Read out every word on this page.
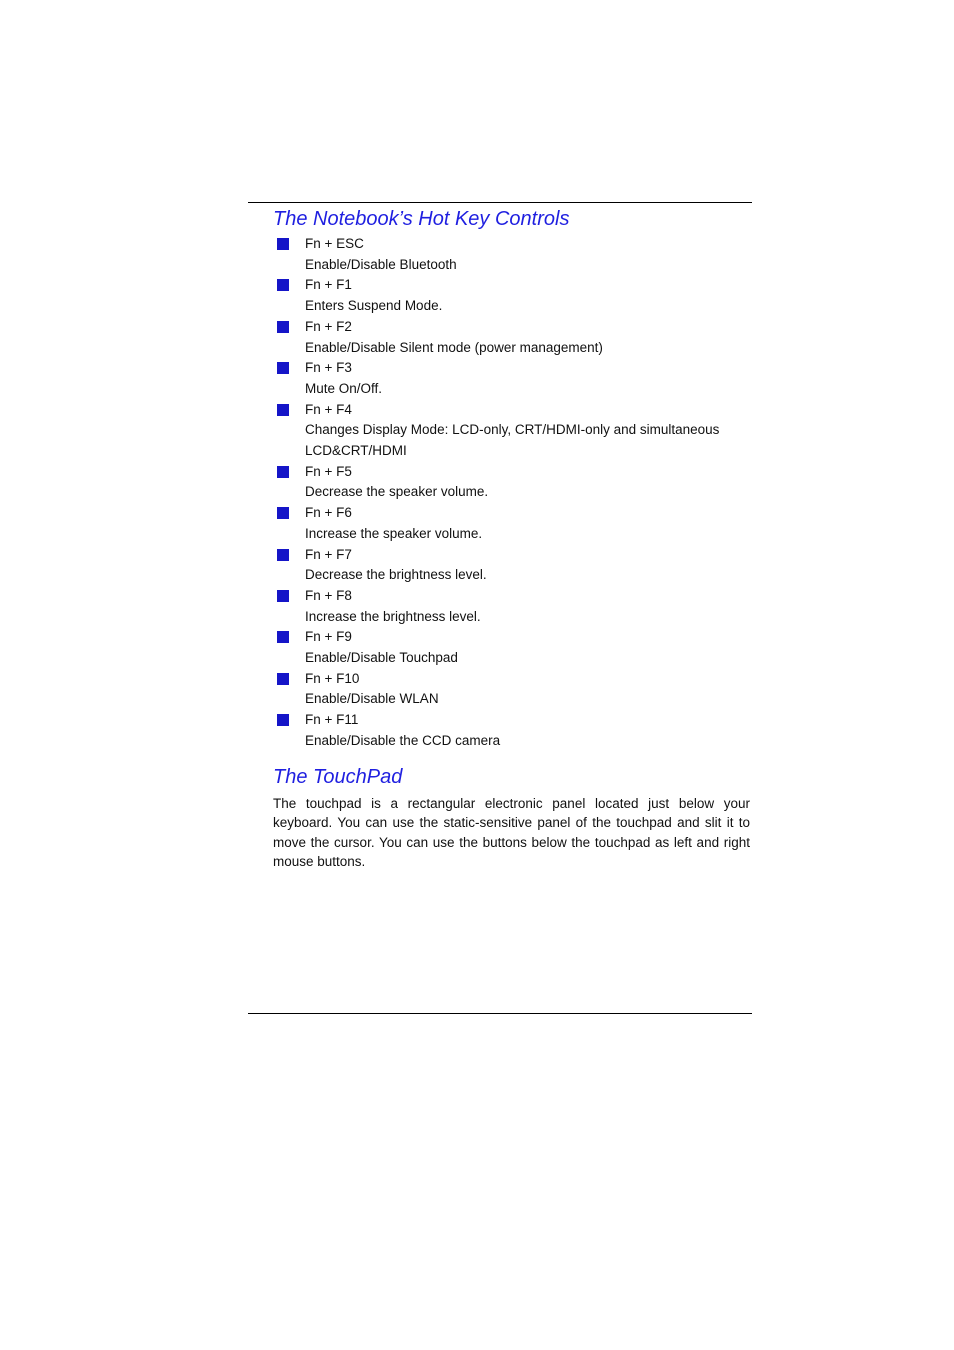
The Notebook’s Hot Key Controls
Fn + ESC
Enable/Disable Bluetooth
Fn + F1
Enters Suspend Mode.
Fn + F2
Enable/Disable Silent mode (power management)
Fn + F3
Mute On/Off.
Fn + F4
Changes Display Mode: LCD-only, CRT/HDMI-only and simultaneous LCD&CRT/HDMI
Fn + F5
Decrease the speaker volume.
Fn + F6
Increase the speaker volume.
Fn + F7
Decrease the brightness level.
Fn + F8
Increase the brightness level.
Fn + F9
Enable/Disable Touchpad
Fn + F10
Enable/Disable WLAN
Fn + F11
Enable/Disable the CCD camera
The TouchPad

The touchpad is a rectangular electronic panel located just below your keyboard. You can use the static-sensitive panel of the touchpad and slit it to move the cursor. You can use the buttons below the touchpad as left and right mouse buttons.
